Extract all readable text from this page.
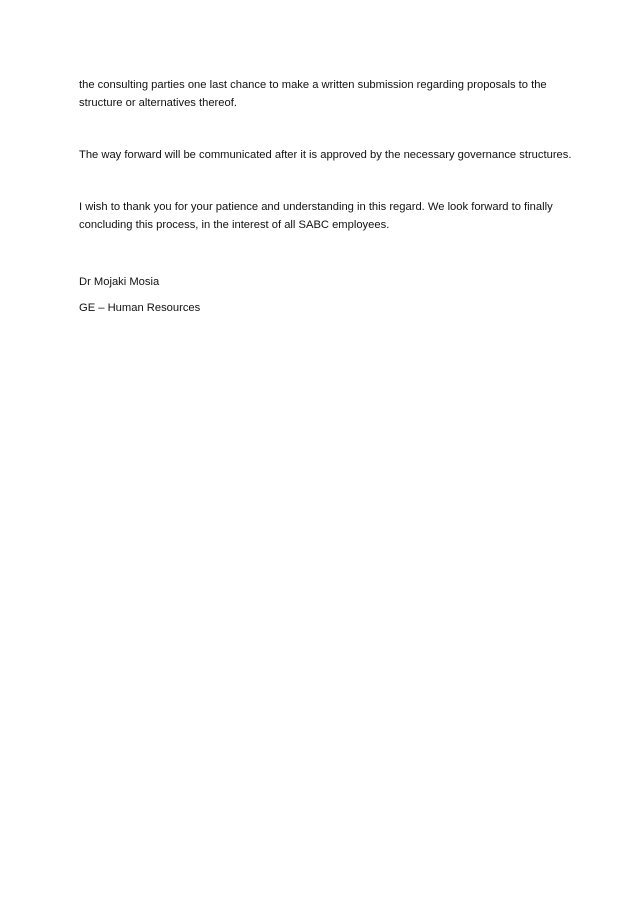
the consulting parties one last chance to make a written submission regarding proposals to the structure or alternatives thereof.

The way forward will be communicated after it is approved by the necessary governance structures.

I wish to thank you for your patience and understanding in this regard. We look forward to finally concluding this process, in the interest of all SABC employees.

Dr Mojaki Mosia

GE – Human Resources
